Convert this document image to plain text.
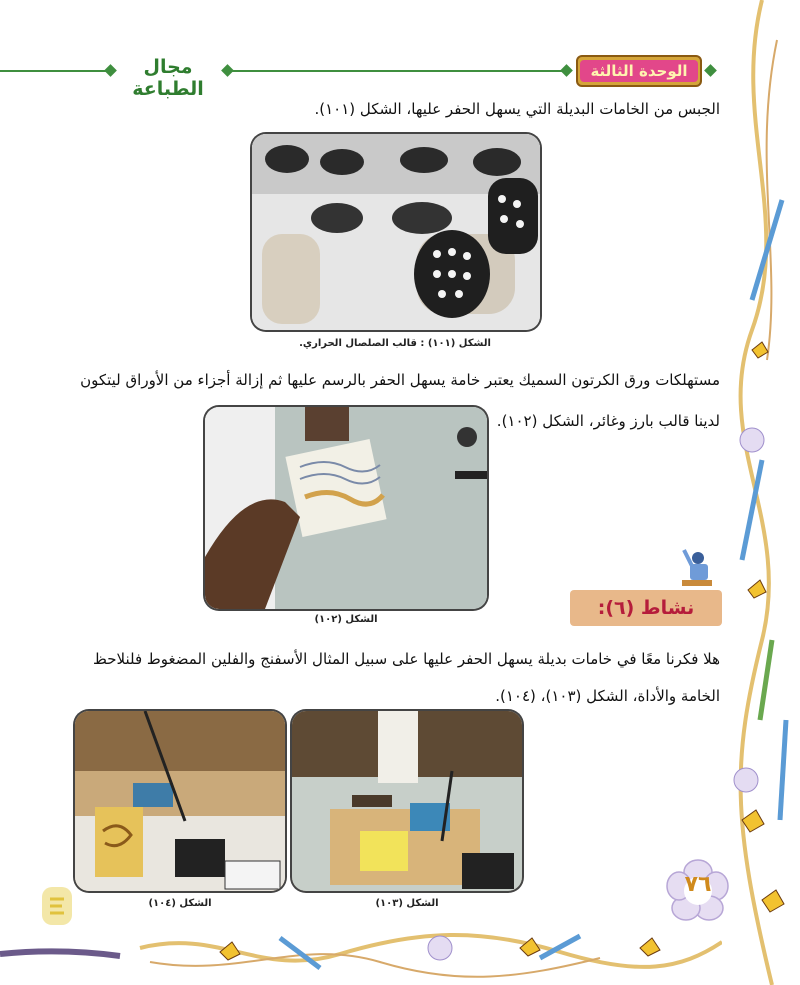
مجال الطباعة
الوحدة الثالثة
الجبس من الخامات البديلة التي يسهل الحفر عليها، الشكل (١٠١).
الشكل (١٠١) : قالب الصلصال الحراري.
مستهلكات ورق الكرتون السميك يعتبر خامة يسهل الحفر بالرسم عليها ثم إزالة أجزاء من الأوراق ليتكون
لدينا قالب بارز وغائر، الشكل (١٠٢).
الشكل (١٠٢)
نشاط (٦):
هلا فكرنا معًا في خامات بديلة يسهل الحفر عليها على سبيل المثال الأسفنج والفلين المضغوط فلنلاحظ
الخامة والأداة، الشكل (١٠٣)، (١٠٤).
الشكل (١٠٤)	الشكل (١٠٣)
٧٦
